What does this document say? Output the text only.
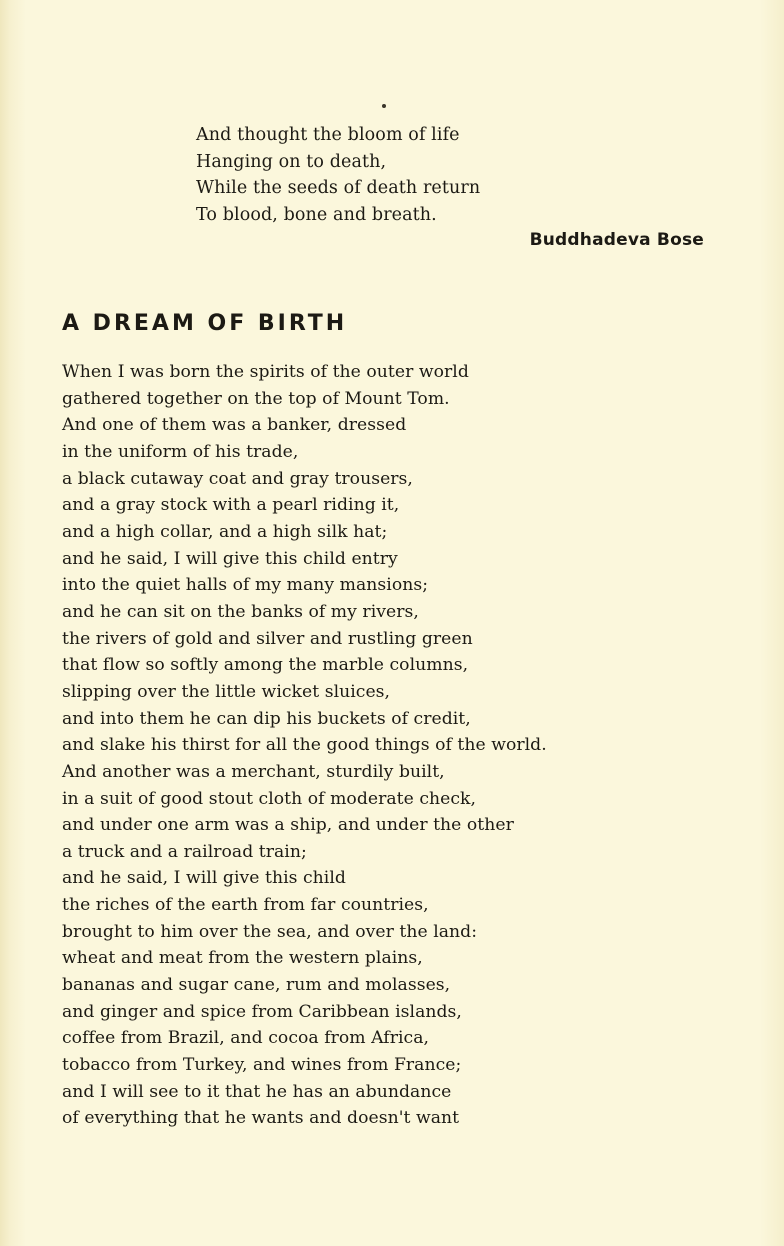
And thought the bloom of life
Hanging on to death,
While the seeds of death return
To blood, bone and breath.
Buddhadeva Bose
A DREAM OF BIRTH
When I was born the spirits of the outer world
gathered together on the top of Mount Tom.
And one of them was a banker, dressed
in the uniform of his trade,
a black cutaway coat and gray trousers,
and a gray stock with a pearl riding it,
and a high collar, and a high silk hat;
and he said, I will give this child entry
into the quiet halls of my many mansions;
and he can sit on the banks of my rivers,
the rivers of gold and silver and rustling green
that flow so softly among the marble columns,
slipping over the little wicket sluices,
and into them he can dip his buckets of credit,
and slake his thirst for all the good things of the world.
And another was a merchant, sturdily built,
in a suit of good stout cloth of moderate check,
and under one arm was a ship, and under the other
a truck and a railroad train;
and he said, I will give this child
the riches of the earth from far countries,
brought to him over the sea, and over the land:
wheat and meat from the western plains,
bananas and sugar cane, rum and molasses,
and ginger and spice from Caribbean islands,
coffee from Brazil, and cocoa from Africa,
tobacco from Turkey, and wines from France;
and I will see to it that he has an abundance
of everything that he wants and doesn't want
